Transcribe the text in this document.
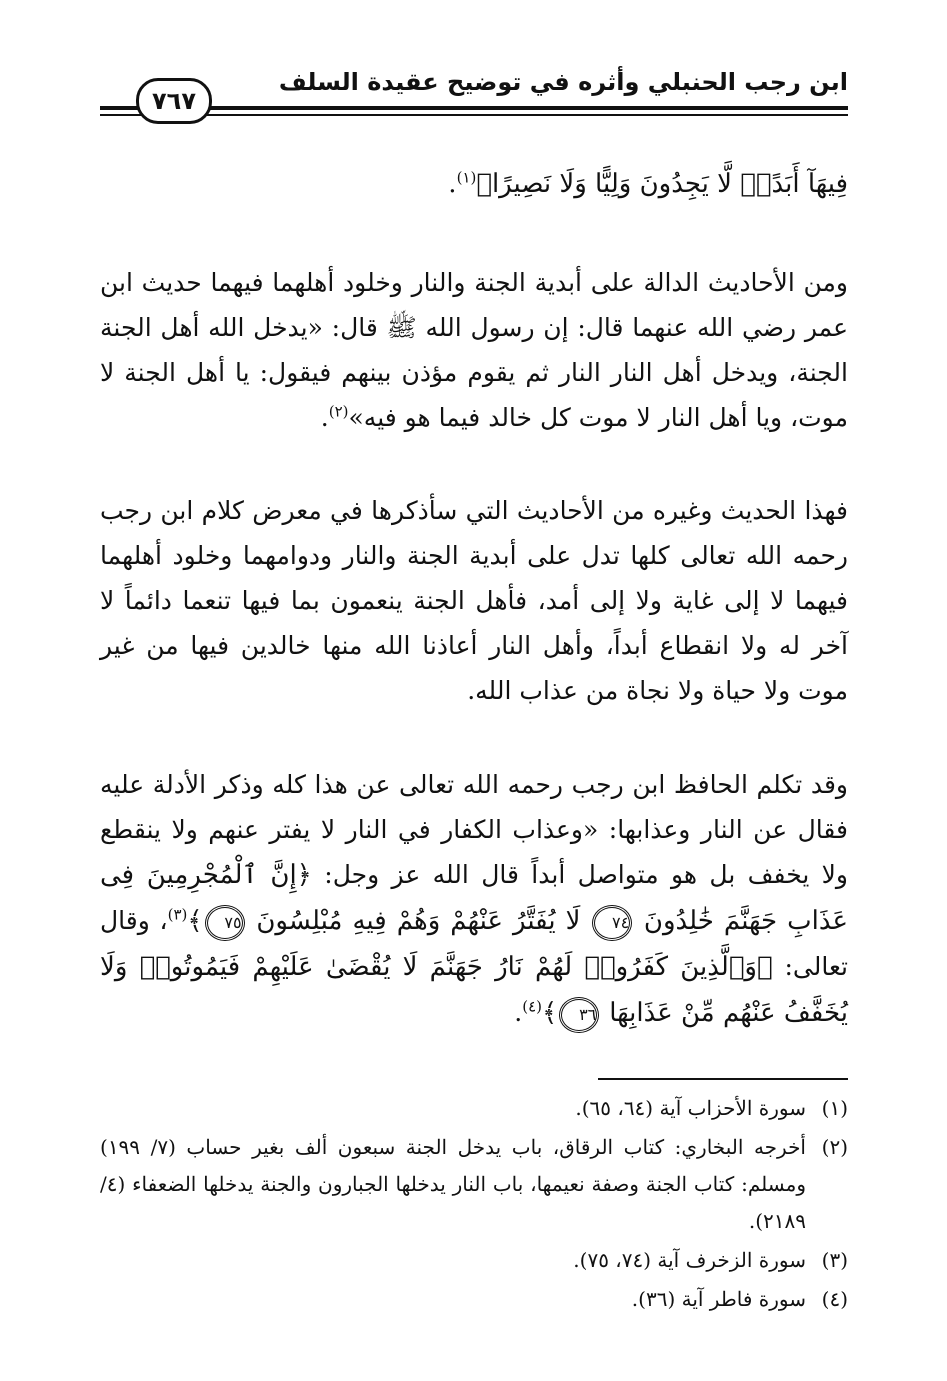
ابن رجب الحنبلي وأثره في توضيح عقيدة السلف
٧٦٧

فِيهَآ أَبَدًاۖ لَّا يَجِدُونَ وَلِيًّا وَلَا نَصِيرًا﴾$^{(١)}$.

ومن الأحاديث الدالة على أبدية الجنة والنار وخلود أهلهما فيهما حديث ابن عمر رضي الله عنهما قال: إن رسول الله ﷺ قال: «يدخل الله أهل الجنة الجنة، ويدخل أهل النار النار ثم يقوم مؤذن بينهم فيقول: يا أهل الجنة لا موت، ويا أهل النار لا موت كل خالد فيما هو فيه»$^{(٢)}$.

فهذا الحديث وغيره من الأحاديث التي سأذكرها في معرض كلام ابن رجب رحمه الله تعالى كلها تدل على أبدية الجنة والنار ودوامهما وخلود أهلهما فيهما لا إلى غاية ولا إلى أمد، فأهل الجنة ينعمون بما فيها تنعما دائماً لا آخر له ولا انقطاع أبداً، وأهل النار أعاذنا الله منها خالدين فيها من غير موت ولا حياة ولا نجاة من عذاب الله.

وقد تكلم الحافظ ابن رجب رحمه الله تعالى عن هذا كله وذكر الأدلة عليه فقال عن النار وعذابها: «وعذاب الكفار في النار لا يفتر عنهم ولا ينقطع ولا يخفف بل هو متواصل أبداً قال الله عز وجل: ﴿إِنَّ ٱلْمُجْرِمِينَ فِى عَذَابِ جَهَنَّمَ خَٰلِدُونَ ٧٤ لَا يُفَتَّرُ عَنْهُمْ وَهُمْ فِيهِ مُبْلِسُونَ ٧٥﴾$^{(٣)}$، وقال تعالى: ﴿وَٱلَّذِينَ كَفَرُوا۟ لَهُمْ نَارُ جَهَنَّمَ لَا يُقْضَىٰ عَلَيْهِمْ فَيَمُوتُوا۟ وَلَا يُخَفَّفُ عَنْهُم مِّنْ عَذَابِهَا ٣٦﴾$^{(٤)}$.

(١)
سورة الأحزاب آية (٦٤، ٦٥).

(٢)
أخرجه البخاري: كتاب الرقاق، باب يدخل الجنة سبعون ألف بغير حساب (٧/ ١٩٩) ومسلم: كتاب الجنة وصفة نعيمها، باب النار يدخلها الجبارون والجنة يدخلها الضعفاء (٤/ ٢١٨٩).

(٣)
سورة الزخرف آية (٧٤، ٧٥).

(٤)
سورة فاطر آية (٣٦).
